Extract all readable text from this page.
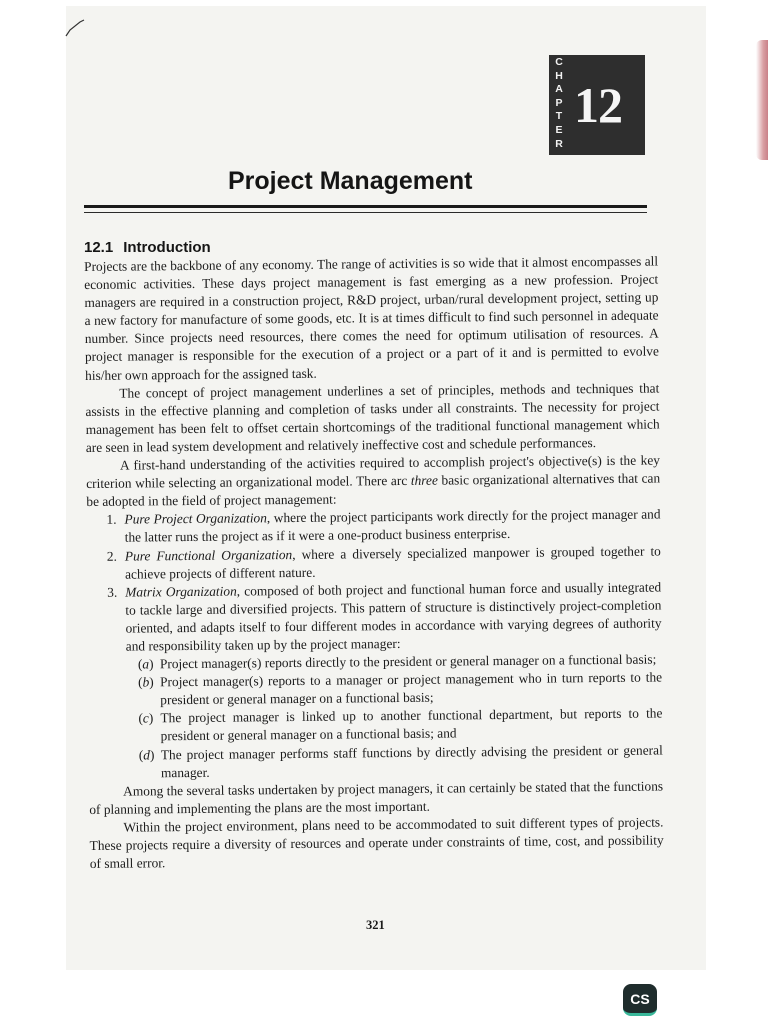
C
H
A
P
T
E
R
12
Project Management
12.1 Introduction

Projects are the backbone of any economy. The range of activities is so wide that it almost encompasses all economic activities. These days project management is fast emerging as a new profession. Project managers are required in a construction project, R&D project, urban/rural development project, setting up a new factory for manufacture of some goods, etc. It is at times difficult to find such personnel in adequate number. Since projects need resources, there comes the need for optimum utilisation of resources. A project manager is responsible for the execution of a project or a part of it and is permitted to evolve his/her own approach for the assigned task.

The concept of project management underlines a set of principles, methods and techniques that assists in the effective planning and completion of tasks under all constraints. The necessity for project management has been felt to offset certain shortcomings of the traditional functional management which are seen in lead system development and relatively ineffective cost and schedule performances.

A first-hand understanding of the activities required to accomplish project's objective(s) is the key criterion while selecting an organizational model. There arc three basic organizational alternatives that can be adopted in the field of project management:

1. Pure Project Organization, where the project participants work directly for the project manager and the latter runs the project as if it were a one-product business enterprise.
2. Pure Functional Organization, where a diversely specialized manpower is grouped together to achieve projects of different nature.
3. Matrix Organization, composed of both project and functional human force and usually integrated to tackle large and diversified projects. This pattern of structure is distinctively project-completion oriented, and adapts itself to four different modes in accordance with varying degrees of authority and responsibility taken up by the project manager:
(a) Project manager(s) reports directly to the president or general manager on a functional basis;
(b) Project manager(s) reports to a manager or project management who in turn reports to the president or general manager on a functional basis;
(c) The project manager is linked up to another functional department, but reports to the president or general manager on a functional basis; and
(d) The project manager performs staff functions by directly advising the president or general manager.

Among the several tasks undertaken by project managers, it can certainly be stated that the functions of planning and implementing the plans are the most important.

Within the project environment, plans need to be accommodated to suit different types of projects. These projects require a diversity of resources and operate under constraints of time, cost, and possibility of small error.

321
CS
